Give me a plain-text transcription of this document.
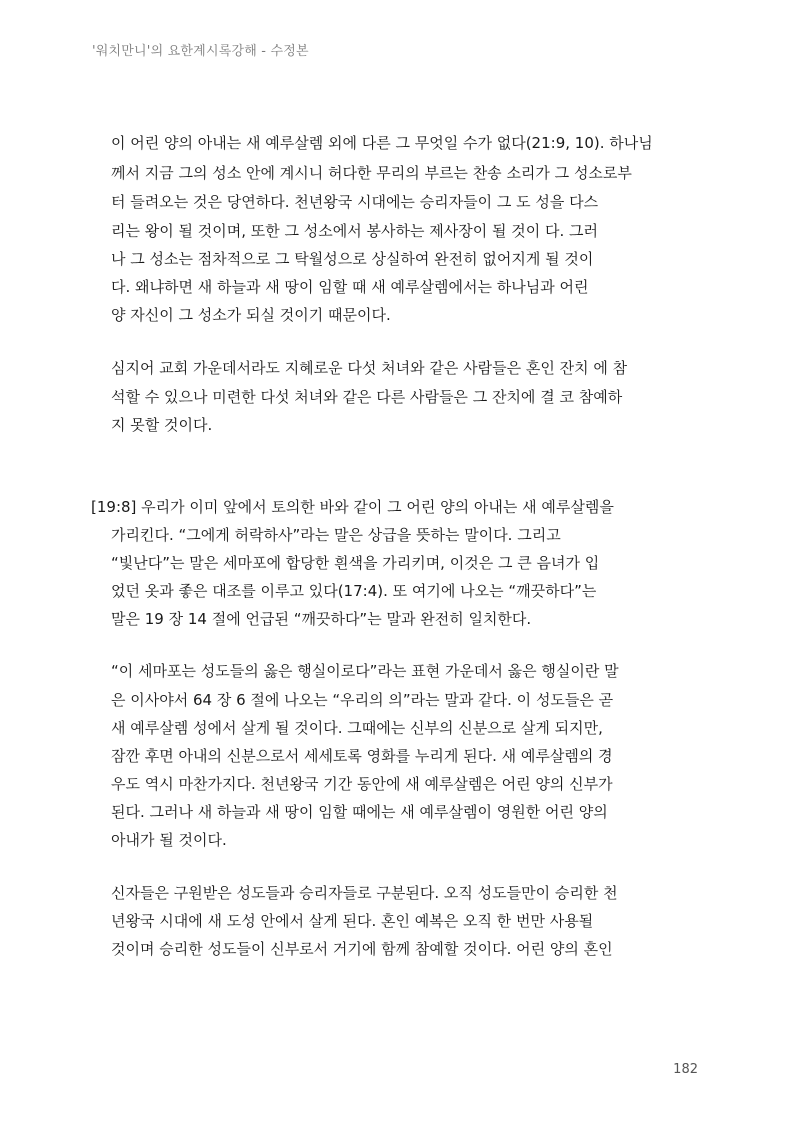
'워치만니'의 요한계시록강해 - 수정본
이 어린 양의 아내는 새 예루살렘 외에 다른 그 무엇일 수가 없다(21:9, 10). 하나님
께서 지금 그의 성소 안에 계시니 허다한 무리의 부르는 찬송 소리가 그 성소로부
터 들려오는 것은 당연하다. 천년왕국 시대에는 승리자들이 그 도 성을 다스
리는 왕이 될 것이며, 또한 그 성소에서 봉사하는 제사장이 될 것이 다. 그러
나 그 성소는 점차적으로 그 탁월성으로 상실하여 완전히 없어지게 될 것이
다. 왜냐하면 새 하늘과 새 땅이 임할 때 새 예루살렘에서는 하나님과 어린
양 자신이 그 성소가 되실 것이기 때문이다.
심지어 교회 가운데서라도 지혜로운 다섯 처녀와 같은 사람들은 혼인 잔치 에 참
석할 수 있으나 미련한 다섯 처녀와 같은 다른 사람들은 그 잔치에 결 코 참예하
지 못할 것이다.
[19:8] 우리가 이미 앞에서 토의한 바와 같이 그 어린 양의 아내는 새 예루살렘을
가리킨다. “그에게 허락하사”라는 말은 상급을 뜻하는 말이다. 그리고
“빛난다”는 말은 세마포에 합당한 흰색을 가리키며, 이것은 그 큰 음녀가 입
었던 옷과 좋은 대조를 이루고 있다(17:4). 또 여기에 나오는 “깨끗하다”는
말은 19 장 14 절에 언급된 “깨끗하다”는 말과 완전히 일치한다.
“이 세마포는 성도들의 옳은 행실이로다”라는 표현 가운데서 옳은 행실이란 말
은 이사야서 64 장 6 절에 나오는 “우리의 의”라는 말과 같다. 이 성도들은 곧
새 예루살렘 성에서 살게 될 것이다. 그때에는 신부의 신분으로 살게 되지만,
잠깐 후면 아내의 신분으로서 세세토록 영화를 누리게 된다. 새 예루살렘의 경
우도 역시 마찬가지다. 천년왕국 기간 동안에 새 예루살렘은 어린 양의 신부가
된다. 그러나 새 하늘과 새 땅이 임할 때에는 새 예루살렘이 영원한 어린 양의
아내가 될 것이다.
신자들은 구원받은 성도들과 승리자들로 구분된다. 오직 성도들만이 승리한 천
년왕국 시대에 새 도성 안에서 살게 된다. 혼인 예복은 오직 한 번만 사용될
것이며 승리한 성도들이 신부로서 거기에 함께 참예할 것이다. 어린 양의 혼인
182
